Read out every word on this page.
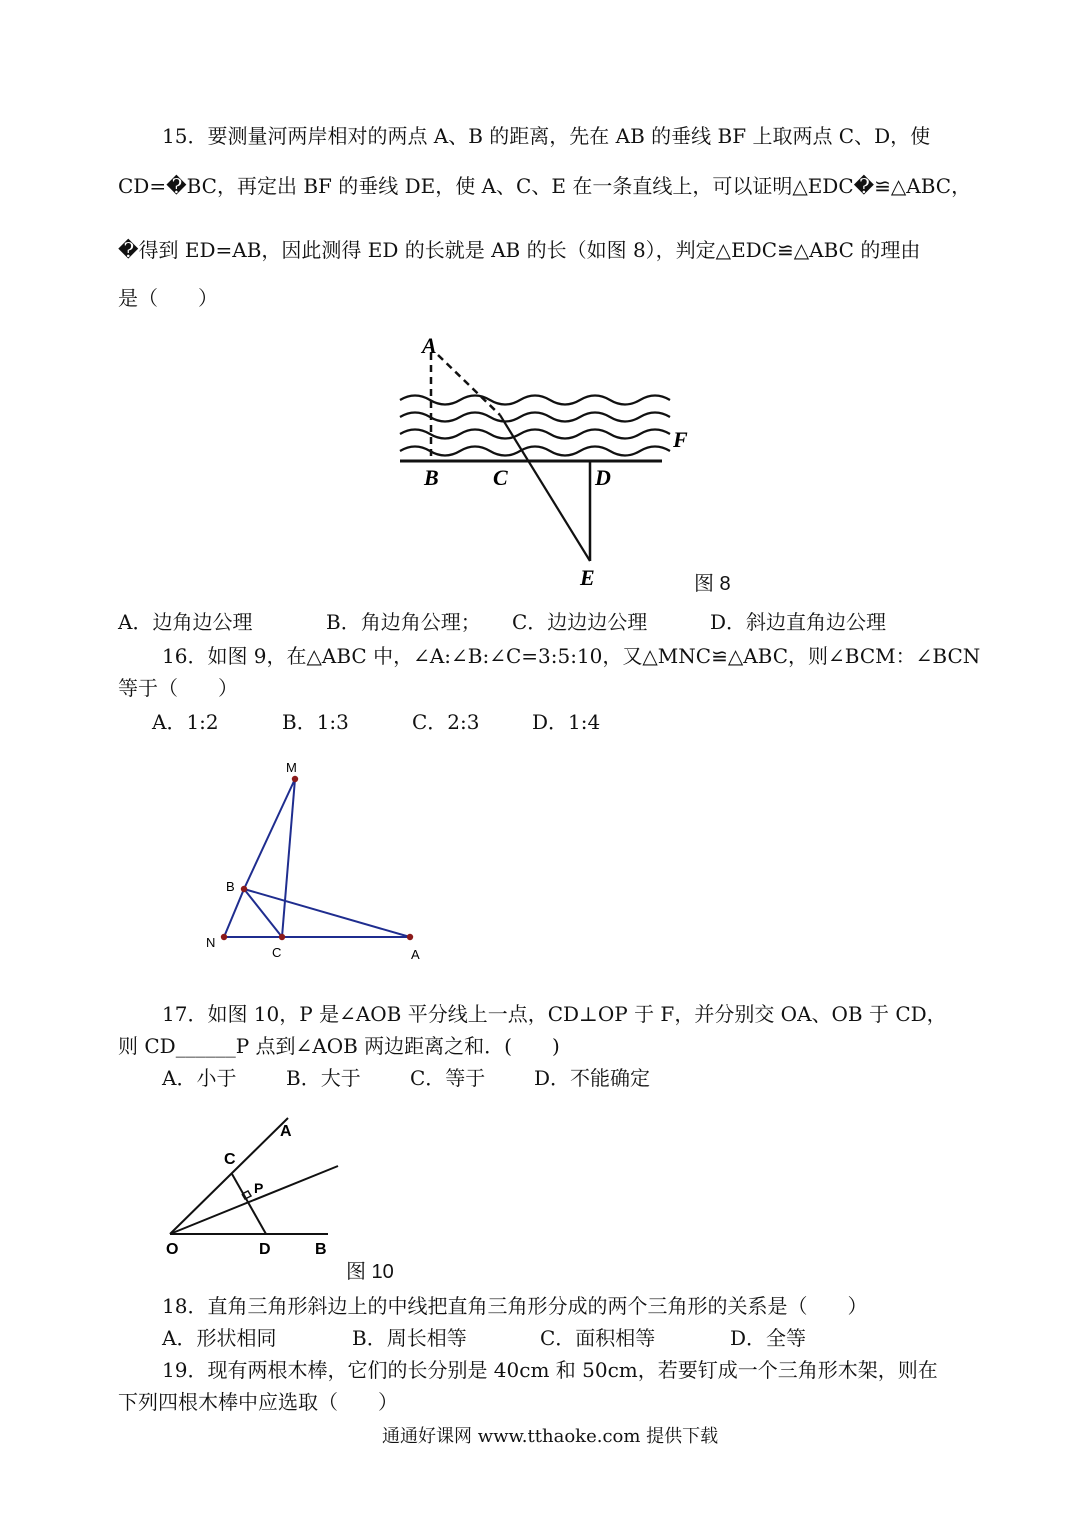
15．要测量河两岸相对的两点 A、B 的距离，先在 AB 的垂线 BF 上取两点 C、D，使
CD=�BC，再定出 BF 的垂线 DE，使 A、C、E 在一条直线上，可以证明△EDC�≌△ABC，
�得到 ED=AB，因此测得 ED 的长就是 AB 的长（如图 8），判定△EDC≌△ABC 的理由
是（　　）
A
B C	D
E
F
图 8
A．边角边公理	B．角边角公理； C．边边边公理	D．斜边直角边公理
16．如图 9，在△ABC 中，∠A:∠B:∠C=3:5:10，又△MNC≌△ABC，则∠BCM：∠BCN
等于（　　）
A．1:2	B．1:3	C．2:3	D．1:4
M
B
N
C	A
17．如图 10，P 是∠AOB 平分线上一点，CD⊥OP 于 F，并分别交 OA、OB 于 CD，
则 CD______P 点到∠AOB 两边距离之和．(　　)
A．小于 B．大于 C．等于 D．不能确定
A
C
P
O	D	B
图 10
18．直角三角形斜边上的中线把直角三角形分成的两个三角形的关系是（　　）
A．形状相同	B．周长相等	C．面积相等	D．全等
19．现有两根木棒，它们的长分别是 40cm 和 50cm，若要钉成一个三角形木架，则在
下列四根木棒中应选取（　　）
通通好课网 www.tthaoke.com 提供下载
